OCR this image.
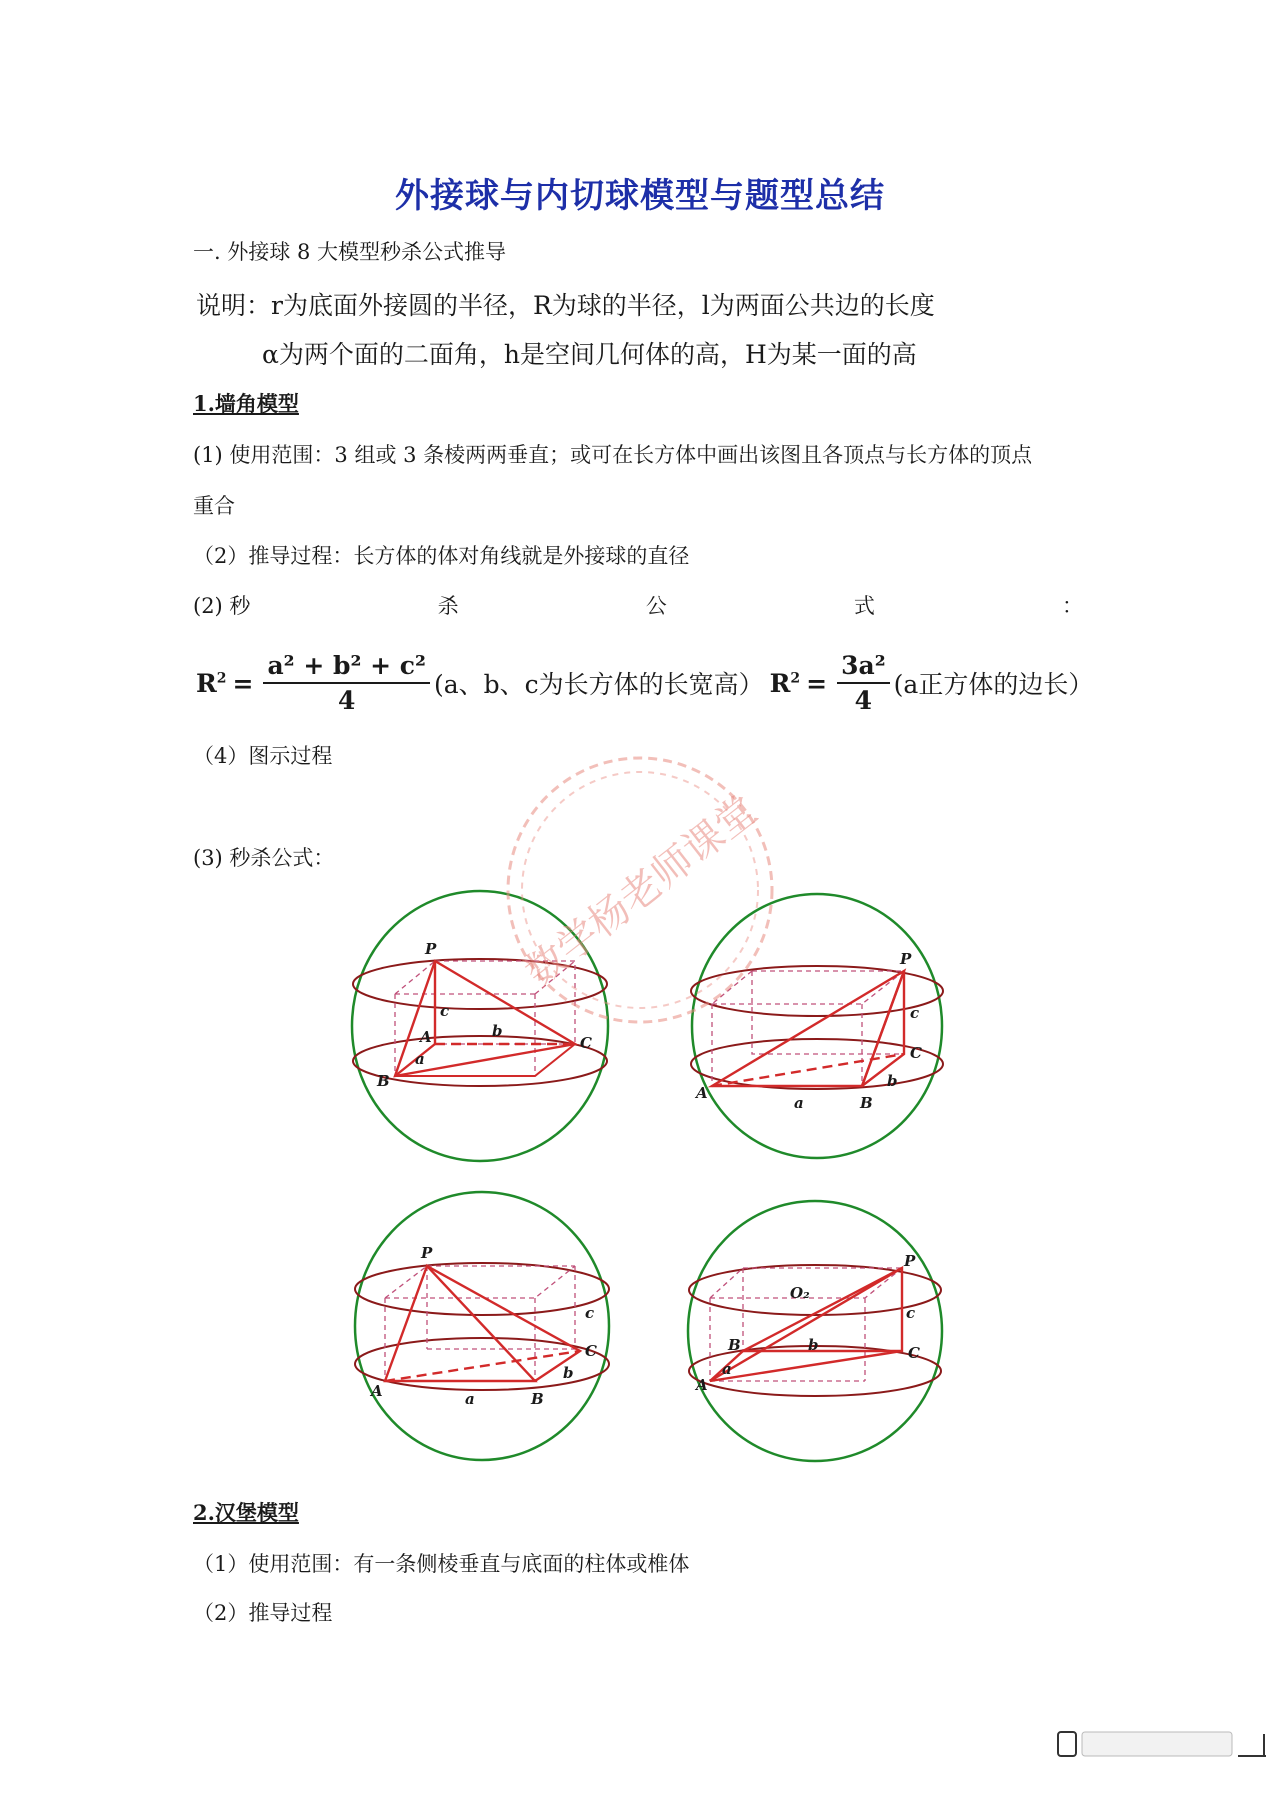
外接球与内切球模型与题型总结
一. 外接球 8 大模型秒杀公式推导
说明：r为底面外接圆的半径，R为球的半径，l为两面公共边的长度
α为两个面的二面角，h是空间几何体的高，H为某一面的高
1.墙角模型
(1) 使用范围：3 组或 3 条棱两两垂直；或可在长方体中画出该图且各顶点与长方体的顶点
重合
（2）推导过程：长方体的体对角线就是外接球的直径
(2) 秒	杀	公	式	：
$R^2 = \frac{\text{a² + b² + c²}}{4} (a$、b、c为长方体的长宽高） $R^2 = \frac{\text{3a²}}{4} (a$正方体的边长）
（4）图示过程
(3) 秒杀公式：
P
A
B
C
c
b
a
P
A
B
C
c
b
a
P
A	B
C
c
b
a
P
A
B	C
c
b
a
O₂
数学杨老师课堂
2.汉堡模型
（1）使用范围：有一条侧棱垂直与底面的柱体或椎体
（2）推导过程
